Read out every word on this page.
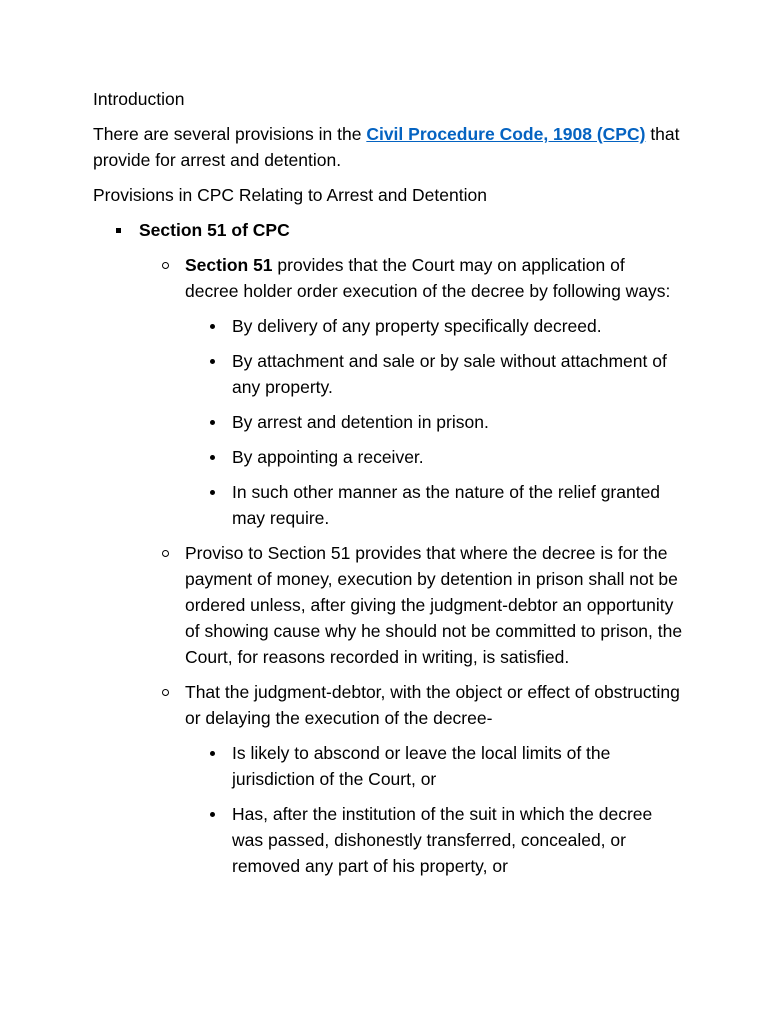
Introduction

There are several provisions in the Civil Procedure Code, 1908 (CPC) that provide for arrest and detention.

Provisions in CPC Relating to Arrest and Detention

Section 51 of CPC
Section 51 provides that the Court may on application of decree holder order execution of the decree by following ways:
By delivery of any property specifically decreed.
By attachment and sale or by sale without attachment of any property.
By arrest and detention in prison.
By appointing a receiver.
In such other manner as the nature of the relief granted may require.
Proviso to Section 51 provides that where the decree is for the payment of money, execution by detention in prison shall not be ordered unless, after giving the judgment-debtor an opportunity of showing cause why he should not be committed to prison, the Court, for reasons recorded in writing, is satisfied.
That the judgment-debtor, with the object or effect of obstructing or delaying the execution of the decree-
Is likely to abscond or leave the local limits of the jurisdiction of the Court, or
Has, after the institution of the suit in which the decree was passed, dishonestly transferred, concealed, or removed any part of his property, or
